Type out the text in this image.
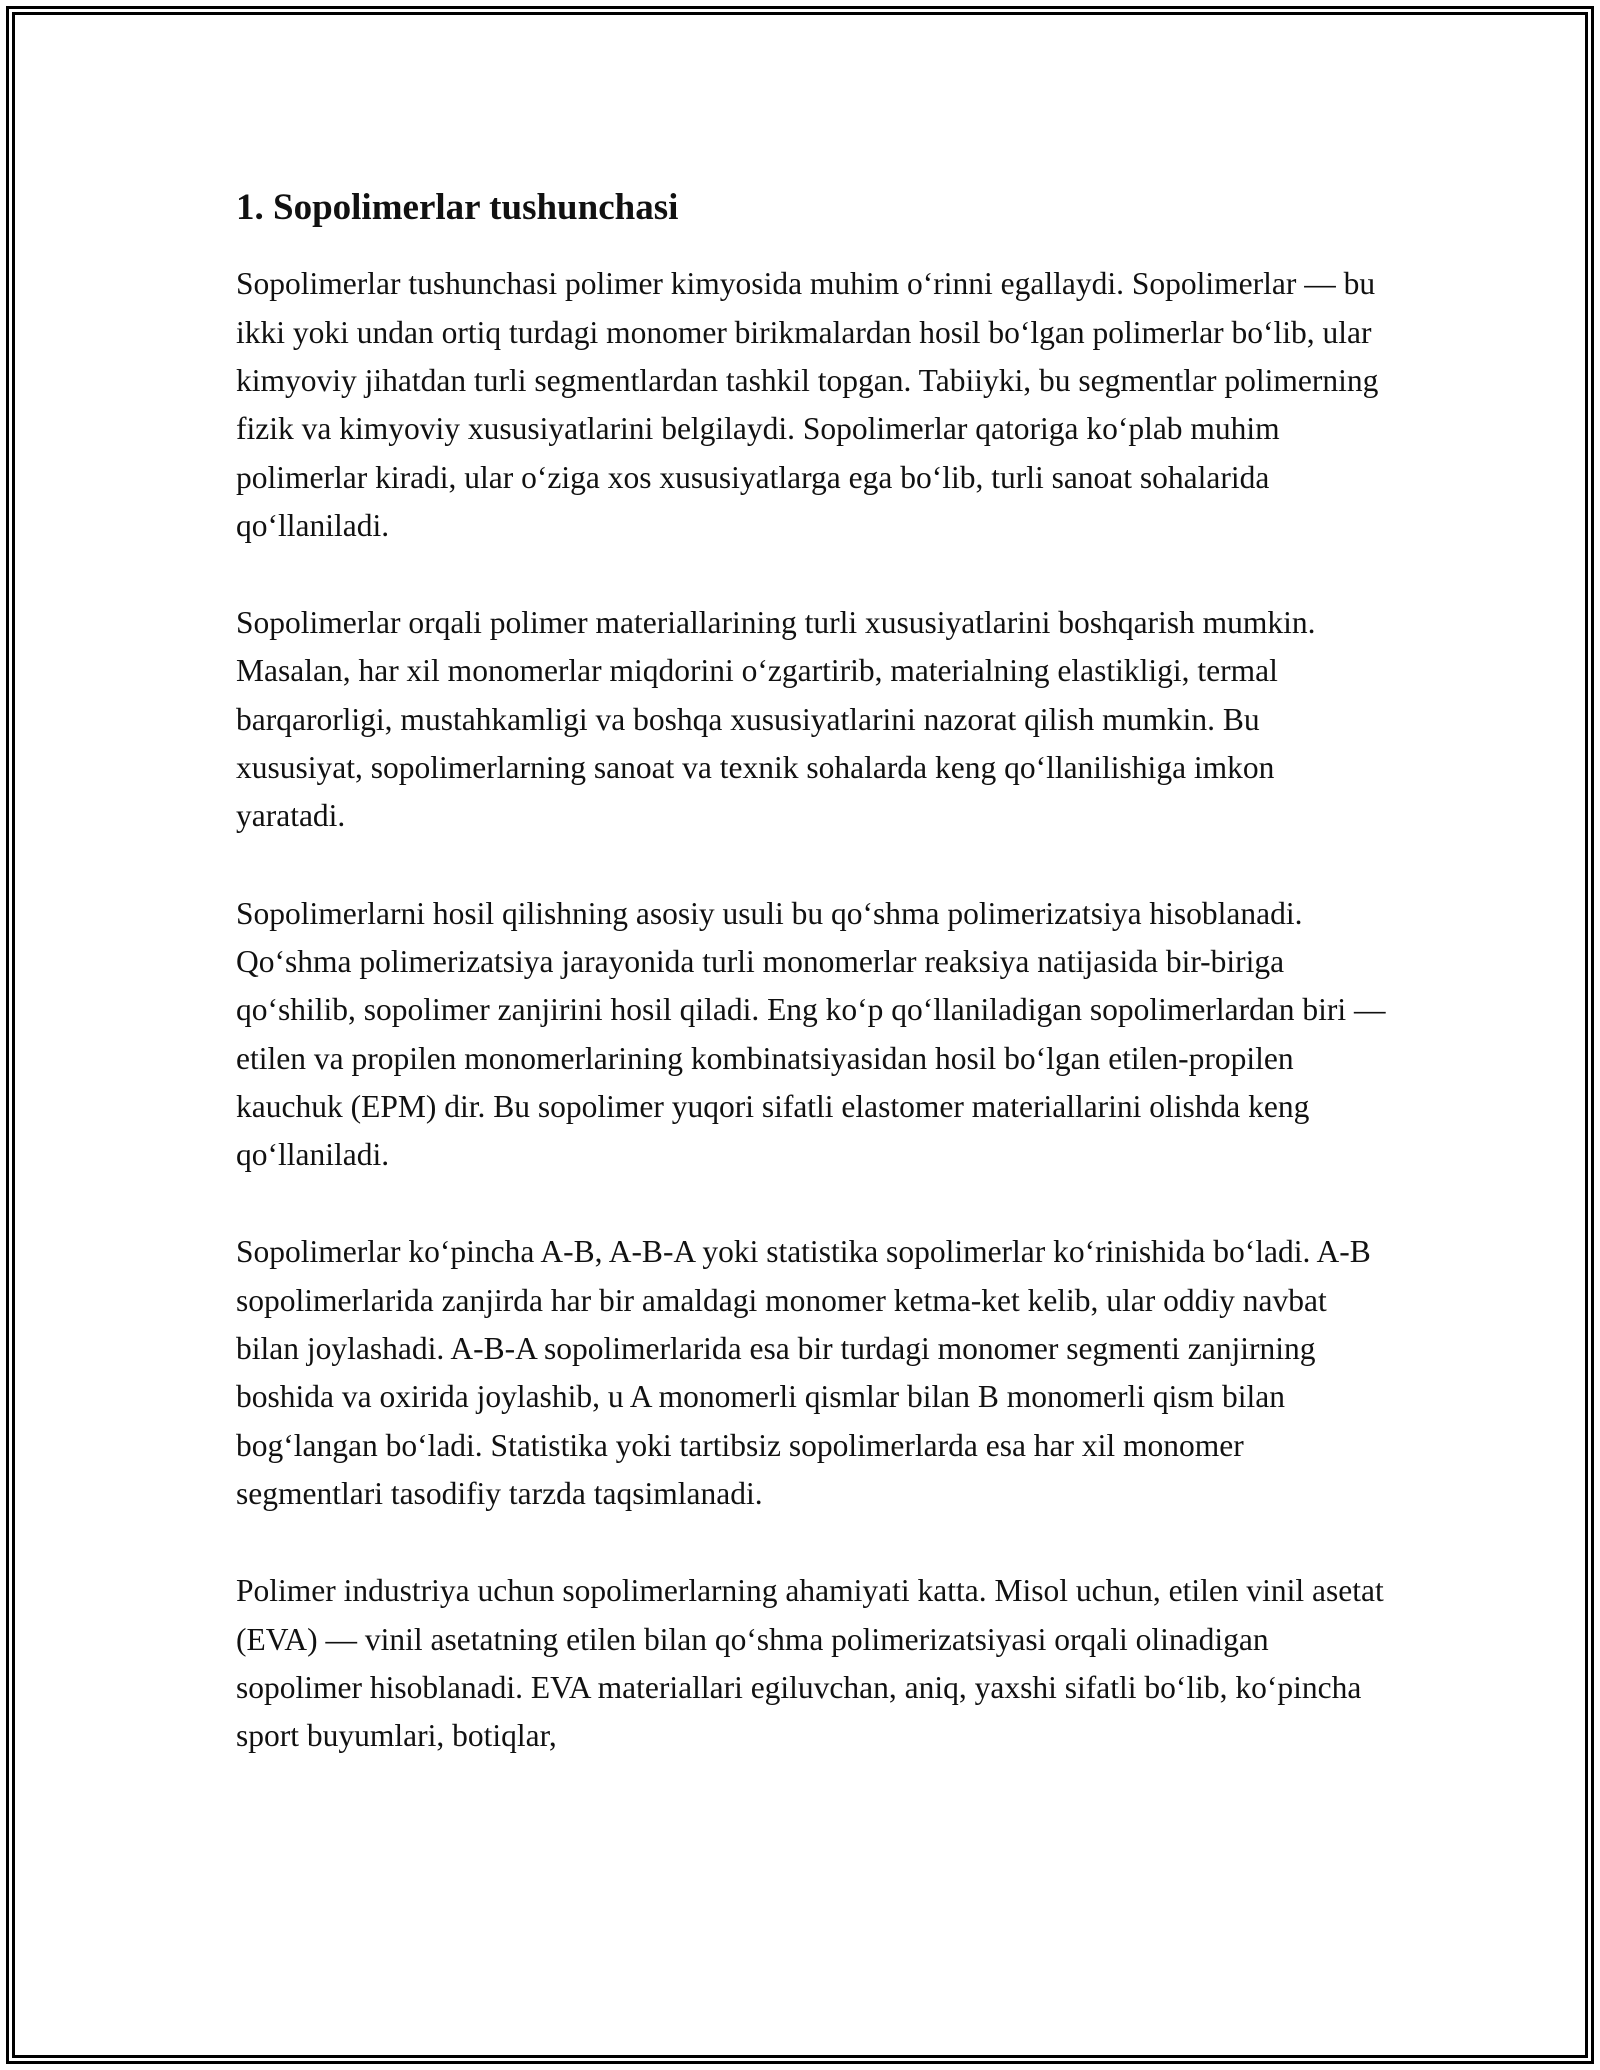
1. Sopolimerlar tushunchasi

Sopolimerlar tushunchasi polimer kimyosida muhim oʻrinni egallaydi. Sopolimerlar — bu ikki yoki undan ortiq turdagi monomer birikmalardan hosil boʻlgan polimerlar boʻlib, ular kimyoviy jihatdan turli segmentlardan tashkil topgan. Tabiiyki, bu segmentlar polimerning fizik va kimyoviy xususiyatlarini belgilaydi. Sopolimerlar qatoriga koʻplab muhim polimerlar kiradi, ular oʻziga xos xususiyatlarga ega boʻlib, turli sanoat sohalarida qoʻllaniladi.

Sopolimerlar orqali polimer materiallarining turli xususiyatlarini boshqarish mumkin. Masalan, har xil monomerlar miqdorini oʻzgartirib, materialning elastikligi, termal barqarorligi, mustahkamligi va boshqa xususiyatlarini nazorat qilish mumkin. Bu xususiyat, sopolimerlarning sanoat va texnik sohalarda keng qoʻllanilishiga imkon yaratadi.

Sopolimerlarni hosil qilishning asosiy usuli bu qoʻshma polimerizatsiya hisoblanadi. Qoʻshma polimerizatsiya jarayonida turli monomerlar reaksiya natijasida bir-biriga qoʻshilib, sopolimer zanjirini hosil qiladi. Eng koʻp qoʻllaniladigan sopolimerlardan biri — etilen va propilen monomerlarining kombinatsiyasidan hosil boʻlgan etilen-propilen kauchuk (EPM) dir. Bu sopolimer yuqori sifatli elastomer materiallarini olishda keng qoʻllaniladi.

Sopolimerlar koʻpincha A-B, A-B-A yoki statistika sopolimerlar koʻrinishida boʻladi. A-B sopolimerlarida zanjirda har bir amaldagi monomer ketma-ket kelib, ular oddiy navbat bilan joylashadi. A-B-A sopolimerlarida esa bir turdagi monomer segmenti zanjirning boshida va oxirida joylashib, u A monomerli qismlar bilan B monomerli qism bilan bogʻlangan boʻladi. Statistika yoki tartibsiz sopolimerlarda esa har xil monomer segmentlari tasodifiy tarzda taqsimlanadi.

Polimer industriya uchun sopolimerlarning ahamiyati katta. Misol uchun, etilen vinil asetat (EVA) — vinil asetatning etilen bilan qoʻshma polimerizatsiyasi orqali olinadigan sopolimer hisoblanadi. EVA materiallari egiluvchan, aniq, yaxshi sifatli boʻlib, koʻpincha sport buyumlari, botiqlar,
